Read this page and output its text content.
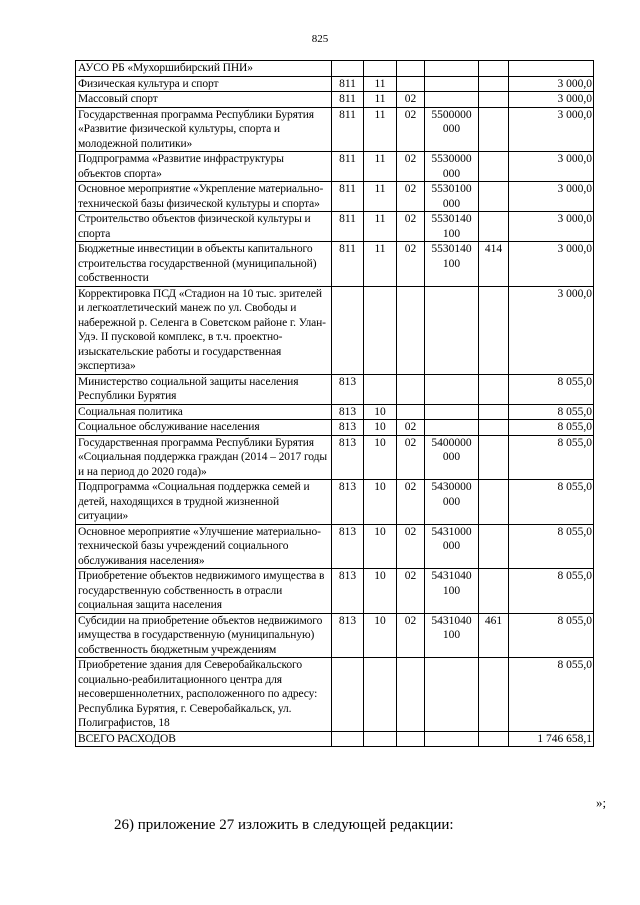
825
АУСО РБ «Мухоршибирский ПНИ»						
Физическая культура и спорт	811	11				3 000,0
Массовый спорт	811	11	02			3 000,0
Государственная программа Республики Бурятия «Развитие физической культуры, спорта и молодежной политики»	811	11	02	5500000 000		3 000,0
Подпрограмма «Развитие инфраструктуры объектов спорта»	811	11	02	5530000 000		3 000,0
Основное мероприятие «Укрепление материально-технической базы физической культуры и спорта»	811	11	02	5530100 000		3 000,0
Строительство объектов физической культуры и спорта	811	11	02	5530140 100		3 000,0
Бюджетные инвестиции в объекты капитального строительства государственной (муниципальной) собственности	811	11	02	5530140 100	414	3 000,0
Корректировка ПСД «Стадион на 10 тыс. зрителей и легкоатлетический манеж по ул. Свободы и набережной р. Селенга в Советском районе г. Улан-Удэ. II пусковой комплекс, в т.ч. проектно-изыскательские работы и государственная экспертиза»						3 000,0
Министерство социальной защиты населения Республики Бурятия	813					8 055,0
Социальная политика	813	10				8 055,0
Социальное обслуживание населения	813	10	02			8 055,0
Государственная программа Республики Бурятия «Социальная поддержка граждан (2014 – 2017 годы и на период до 2020 года)»	813	10	02	5400000 000		8 055,0
Подпрограмма «Социальная поддержка семей и детей, находящихся в трудной жизненной ситуации»	813	10	02	5430000 000		8 055,0
Основное мероприятие «Улучшение материально-технической базы учреждений социального обслуживания населения»	813	10	02	5431000 000		8 055,0
Приобретение объектов недвижимого имущества в государственную собственность в отрасли социальная защита населения	813	10	02	5431040 100		8 055,0
Субсидии на приобретение объектов недвижимого имущества в государственную (муниципальную) собственность бюджетным учреждениям	813	10	02	5431040 100	461	8 055,0
Приобретение здания для Северобайкальского социально-реабилитационного центра для несовершеннолетних, расположенного по адресу: Республика Бурятия, г. Северобайкальск, ул. Полиграфистов, 18						8 055,0
ВСЕГО РАСХОДОВ						1 746 658,1
»;
26) приложение 27 изложить в следующей редакции:
